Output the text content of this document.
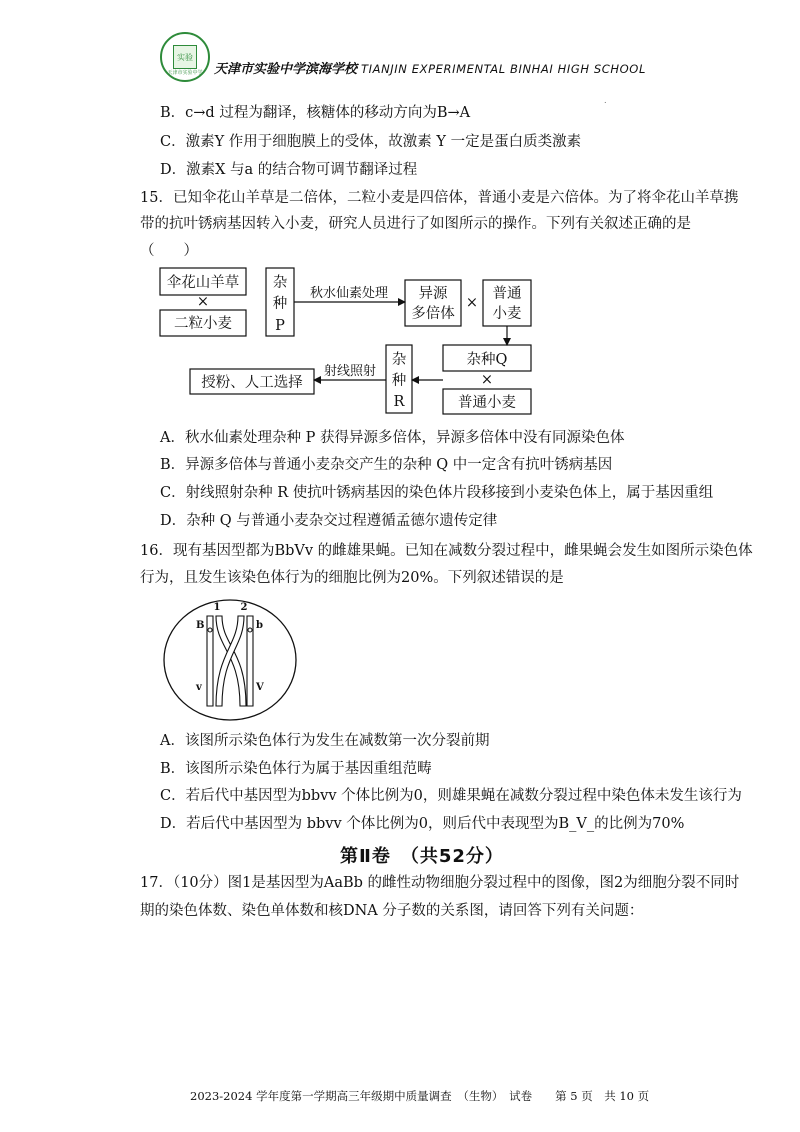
实验
天津市实验中学 天津市实验中学滨海学校 TIANJIN EXPERIMENTAL BINHAI HIGH SCHOOL
.
B．c→d 过程为翻译，核糖体的移动方向为B→A
C．激素Y 作用于细胞膜上的受体，故激素 Y 一定是蛋白质类激素
D．激素X 与a 的结合物可调节翻译过程
15．已知伞花山羊草是二倍体，二粒小麦是四倍体，普通小麦是六倍体。为了将伞花山羊草携
带的抗叶锈病基因转入小麦，研究人员进行了如图所示的操作。下列有关叙述正确的是
（　　）
伞花山羊草
×
二粒小麦
杂
种
P
秋水仙素处理 异源
多倍体
×
普通
小麦
杂种Q
×
普通小麦
杂
种
R
射线照射
授粉、人工选择
A．秋水仙素处理杂种 P 获得异源多倍体，异源多倍体中没有同源染色体
B．异源多倍体与普通小麦杂交产生的杂种 Q 中一定含有抗叶锈病基因
C．射线照射杂种 R 使抗叶锈病基因的染色体片段移接到小麦染色体上，属于基因重组
D．杂种 Q 与普通小麦杂交过程遵循孟德尔遗传定律
16．现有基因型都为BbVv 的雌雄果蝇。已知在减数分裂过程中，雌果蝇会发生如图所示染色体
行为，且发生该染色体行为的细胞比例为20%。下列叙述错误的是
1 2
B	b
v	V
A．该图所示染色体行为发生在减数第一次分裂前期
B．该图所示染色体行为属于基因重组范畴
C．若后代中基因型为bbvv 个体比例为0，则雄果蝇在减数分裂过程中染色体未发生该行为
D．若后代中基因型为 bbvv 个体比例为0，则后代中表现型为B_V_的比例为70%
第Ⅱ卷　（共52分）
17．（10分）图1是基因型为AaBb 的雌性动物细胞分裂过程中的图像，图2为细胞分裂不同时
期的染色体数、染色单体数和核DNA 分子数的关系图，请回答下列有关问题：
2023-2024 学年度第一学期高三年级期中质量调查　（生物）　试卷　　第 5 页　共 10 页
